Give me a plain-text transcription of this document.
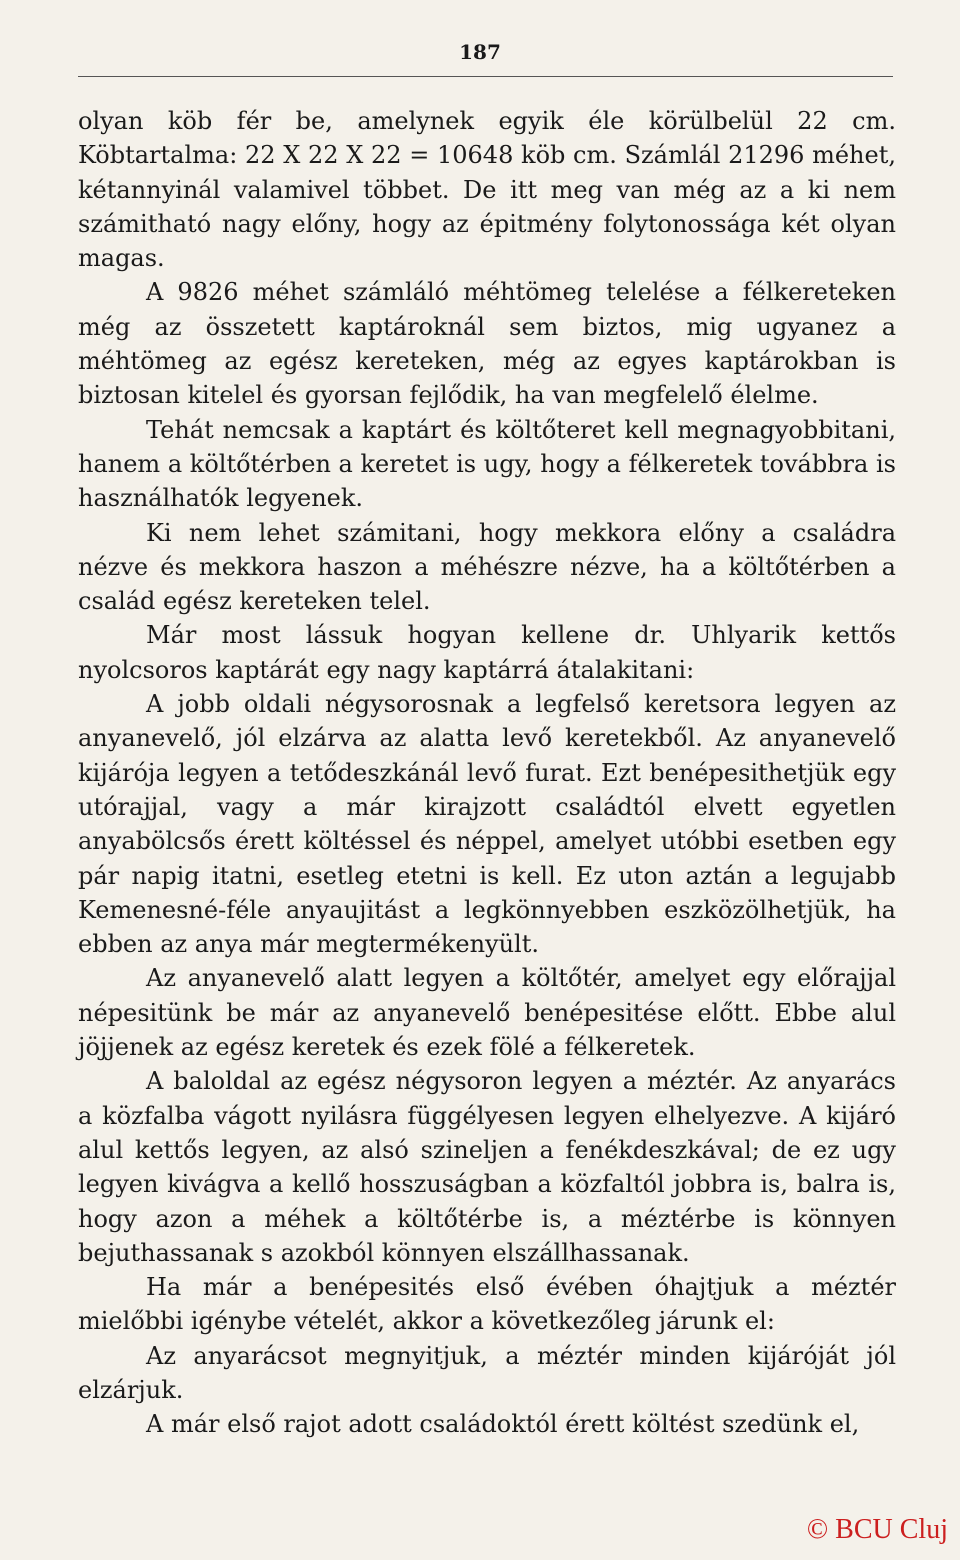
187

olyan köb fér be, amelynek egyik éle körülbelül 22 cm. Köbtartalma: 22 X 22 X 22 = 10648 köb cm. Számlál 21296 méhet, kétannyinál valamivel többet. De itt meg van még az a ki nem számitható nagy előny, hogy az épitmény folytonossága két olyan magas.

A 9826 méhet számláló méhtömeg telelése a félkereteken még az összetett kaptároknál sem biztos, mig ugyanez a méhtömeg az egész kereteken, még az egyes kaptárokban is biztosan kitelel és gyorsan fejlődik, ha van megfelelő élelme.

Tehát nemcsak a kaptárt és költőteret kell megnagyobbitani, hanem a költőtérben a keretet is ugy, hogy a félkeretek továbbra is használhatók legyenek.

Ki nem lehet számitani, hogy mekkora előny a családra nézve és mekkora haszon a méhészre nézve, ha a költőtérben a család egész kereteken telel.

Már most lássuk hogyan kellene dr. Uhlyarik kettős nyolcsoros kaptárát egy nagy kaptárrá átalakitani:

A jobb oldali négysorosnak a legfelső keretsora legyen az anyanevelő, jól elzárva az alatta levő keretekből. Az anyanevelő kijárója legyen a tetődeszkánál levő furat. Ezt benépesithetjük egy utórajjal, vagy a már kirajzott családtól elvett egyetlen anyabölcsős érett költéssel és néppel, amelyet utóbbi esetben egy pár napig itatni, esetleg etetni is kell. Ez uton aztán a legujabb Kemenesné-féle anyaujitást a legkönnyebben eszközölhetjük, ha ebben az anya már megtermékenyült.

Az anyanevelő alatt legyen a költőtér, amelyet egy előrajjal népesitünk be már az anyanevelő benépesitése előtt. Ebbe alul jöjjenek az egész keretek és ezek fölé a félkeretek.

A baloldal az egész négysoron legyen a méztér. Az anyarács a közfalba vágott nyilásra függélyesen legyen elhelyezve. A kijáró alul kettős legyen, az alsó szineljen a fenékdeszkával; de ez ugy legyen kivágva a kellő hosszuságban a közfaltól jobbra is, balra is, hogy azon a méhek a költőtérbe is, a méztérbe is könnyen bejuthassanak s azokból könnyen elszállhassanak.

Ha már a benépesités első évében óhajtjuk a méztér mielőbbi igénybe vételét, akkor a következőleg járunk el:

Az anyarácsot megnyitjuk, a méztér minden kijáróját jól elzárjuk.

A már első rajot adott családoktól érett költést szedünk el,

© BCU Cluj
